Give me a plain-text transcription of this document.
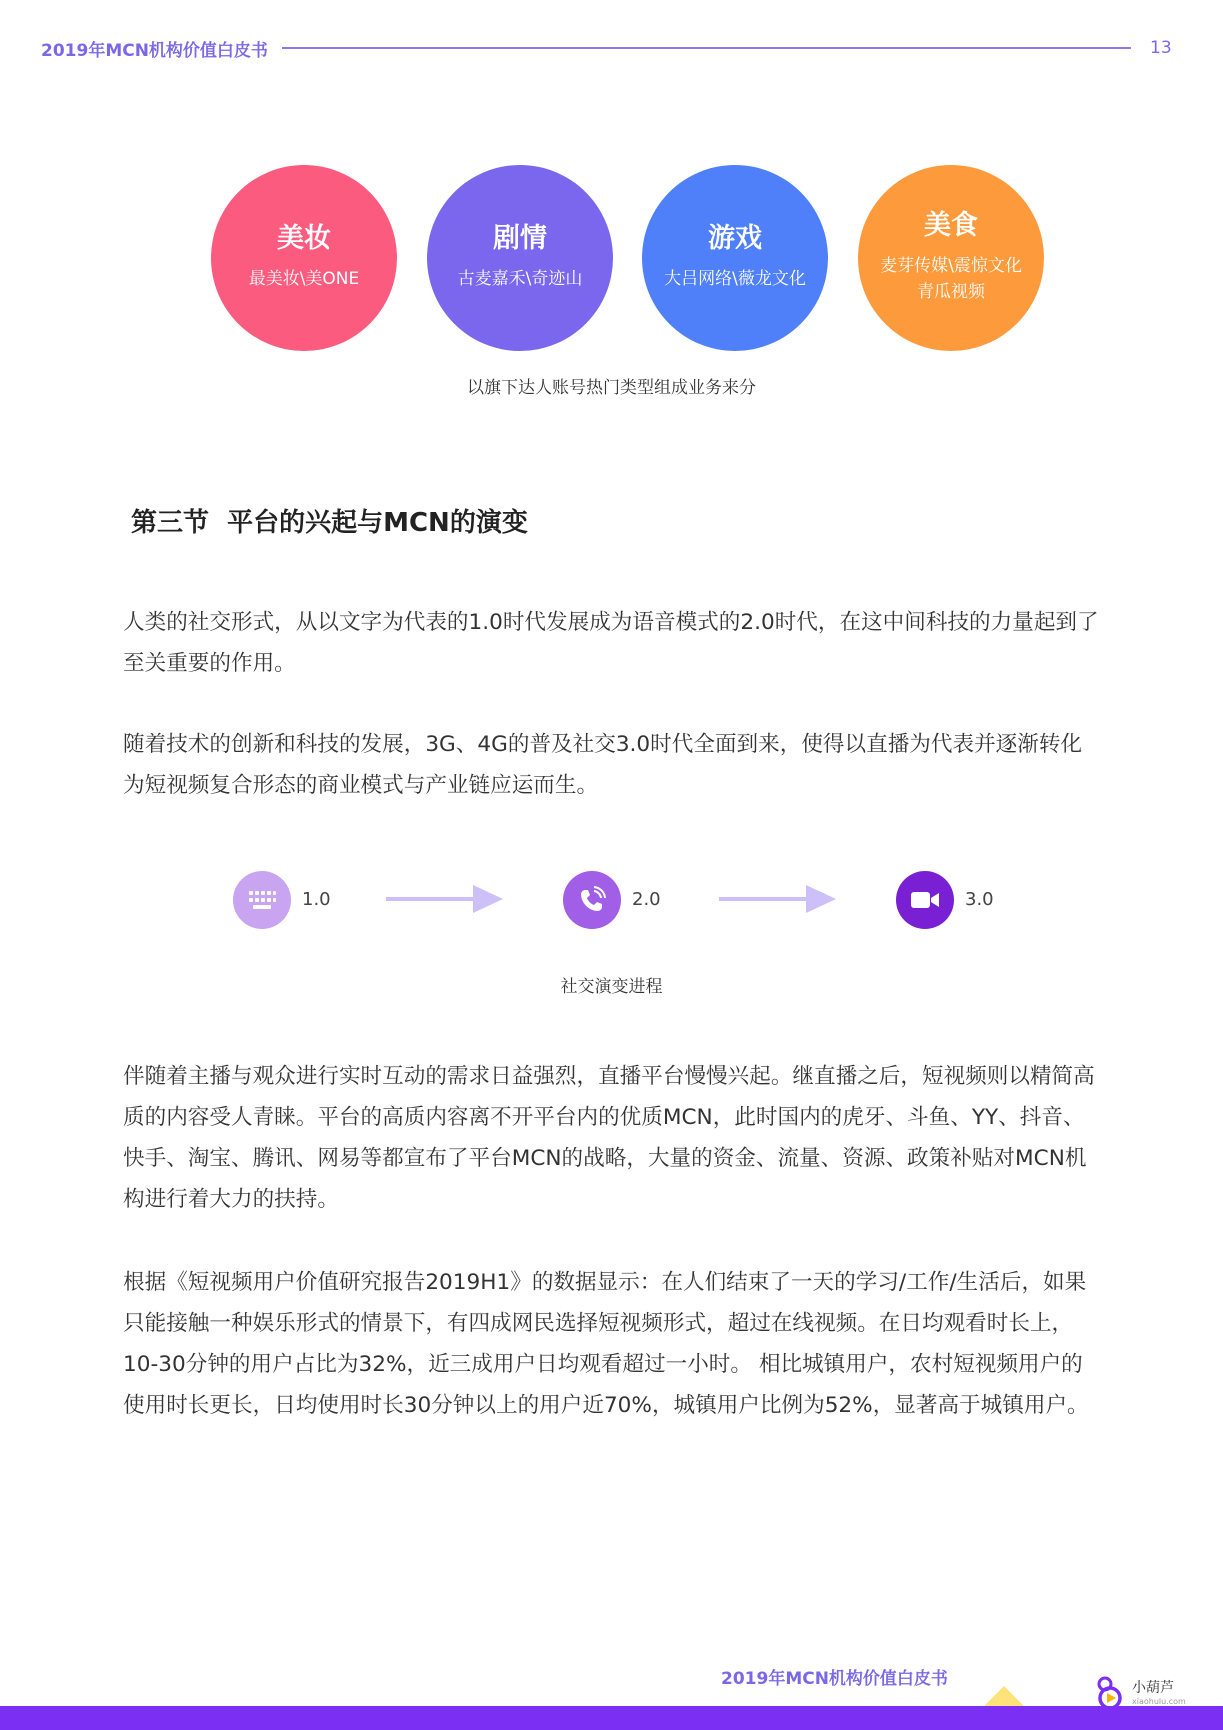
2019年MCN机构价值白皮书	13
美妆
最美妆\美ONE
剧情
古麦嘉禾\奇迹山
游戏
大吕网络\薇龙文化
美食
麦芽传媒\震惊文化
青瓜视频
以旗下达人账号热门类型组成业务来分
第三节  平台的兴起与MCN的演变
人类的社交形式，从以文字为代表的1.0时代发展成为语音模式的2.0时代，在这中间科技的力量起到了至关重要的作用。
随着技术的创新和科技的发展，3G、4G的普及社交3.0时代全面到来，使得以直播为代表并逐渐转化为短视频复合形态的商业模式与产业链应运而生。
1.0	2.0	3.0
社交演变进程
伴随着主播与观众进行实时互动的需求日益强烈，直播平台慢慢兴起。继直播之后，短视频则以精简高质的内容受人青睐。平台的高质内容离不开平台内的优质MCN，此时国内的虎牙、斗鱼、YY、抖音、快手、淘宝、腾讯、网易等都宣布了平台MCN的战略，大量的资金、流量、资源、政策补贴对MCN机构进行着大力的扶持。
根据《短视频用户价值研究报告2019H1》的数据显示：在人们结束了一天的学习/工作/生活后，如果只能接触一种娱乐形式的情景下，有四成网民选择短视频形式，超过在线视频。在日均观看时长上，10-30分钟的用户占比为32%，近三成用户日均观看超过一小时。 相比城镇用户，农村短视频用户的使用时长更长，日均使用时长30分钟以上的用户近70%，城镇用户比例为52%，显著高于城镇用户。
2019年MCN机构价值白皮书	小葫芦
xiaohulu.com
